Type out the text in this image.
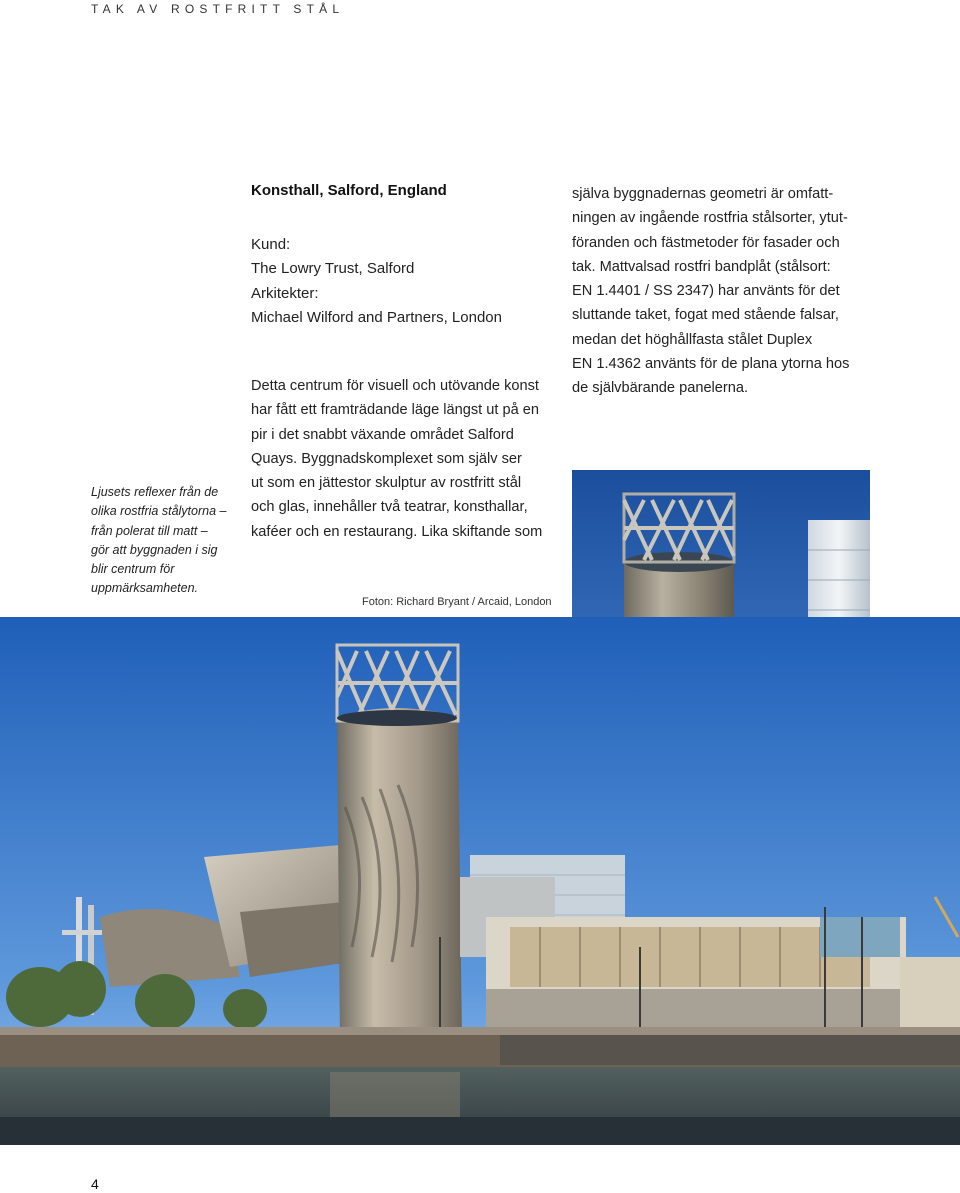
TAK AV ROSTFRITT STÅL
Konsthall, Salford, England
Kund:
The Lowry Trust, Salford
Arkitekter:
Michael Wilford and Partners, London

Detta centrum för visuell och utövande konst

har fått ett framträdande läge längst ut på en

pir i det snabbt växande området Salford

Quays. Byggnadskomplexet som själv ser

ut som en jättestor skulptur av rostfritt stål

och glas, innehåller två teatrar, konsthallar,

kaféer och en restaurang. Lika skiftande som

själva byggnadernas geometri är omfatt-
ningen av ingående rostfria stålsorter, ytut-
föranden och fästmetoder för fasader och
tak. Mattvalsad rostfri bandplåt (stålsort:
EN 1.4401 / SS 2347) har använts för det
sluttande taket, fogat med stående falsar,
medan det höghållfasta stålet Duplex
EN 1.4362 använts för de plana ytorna hos
de självbärande panelerna.
Ljusets reflexer från de
olika rostfria stålytorna –
från polerat till matt –
gör att byggnaden i sig
blir centrum för
uppmärksamheten.
Foton: Richard Bryant / Arcaid, London
4
